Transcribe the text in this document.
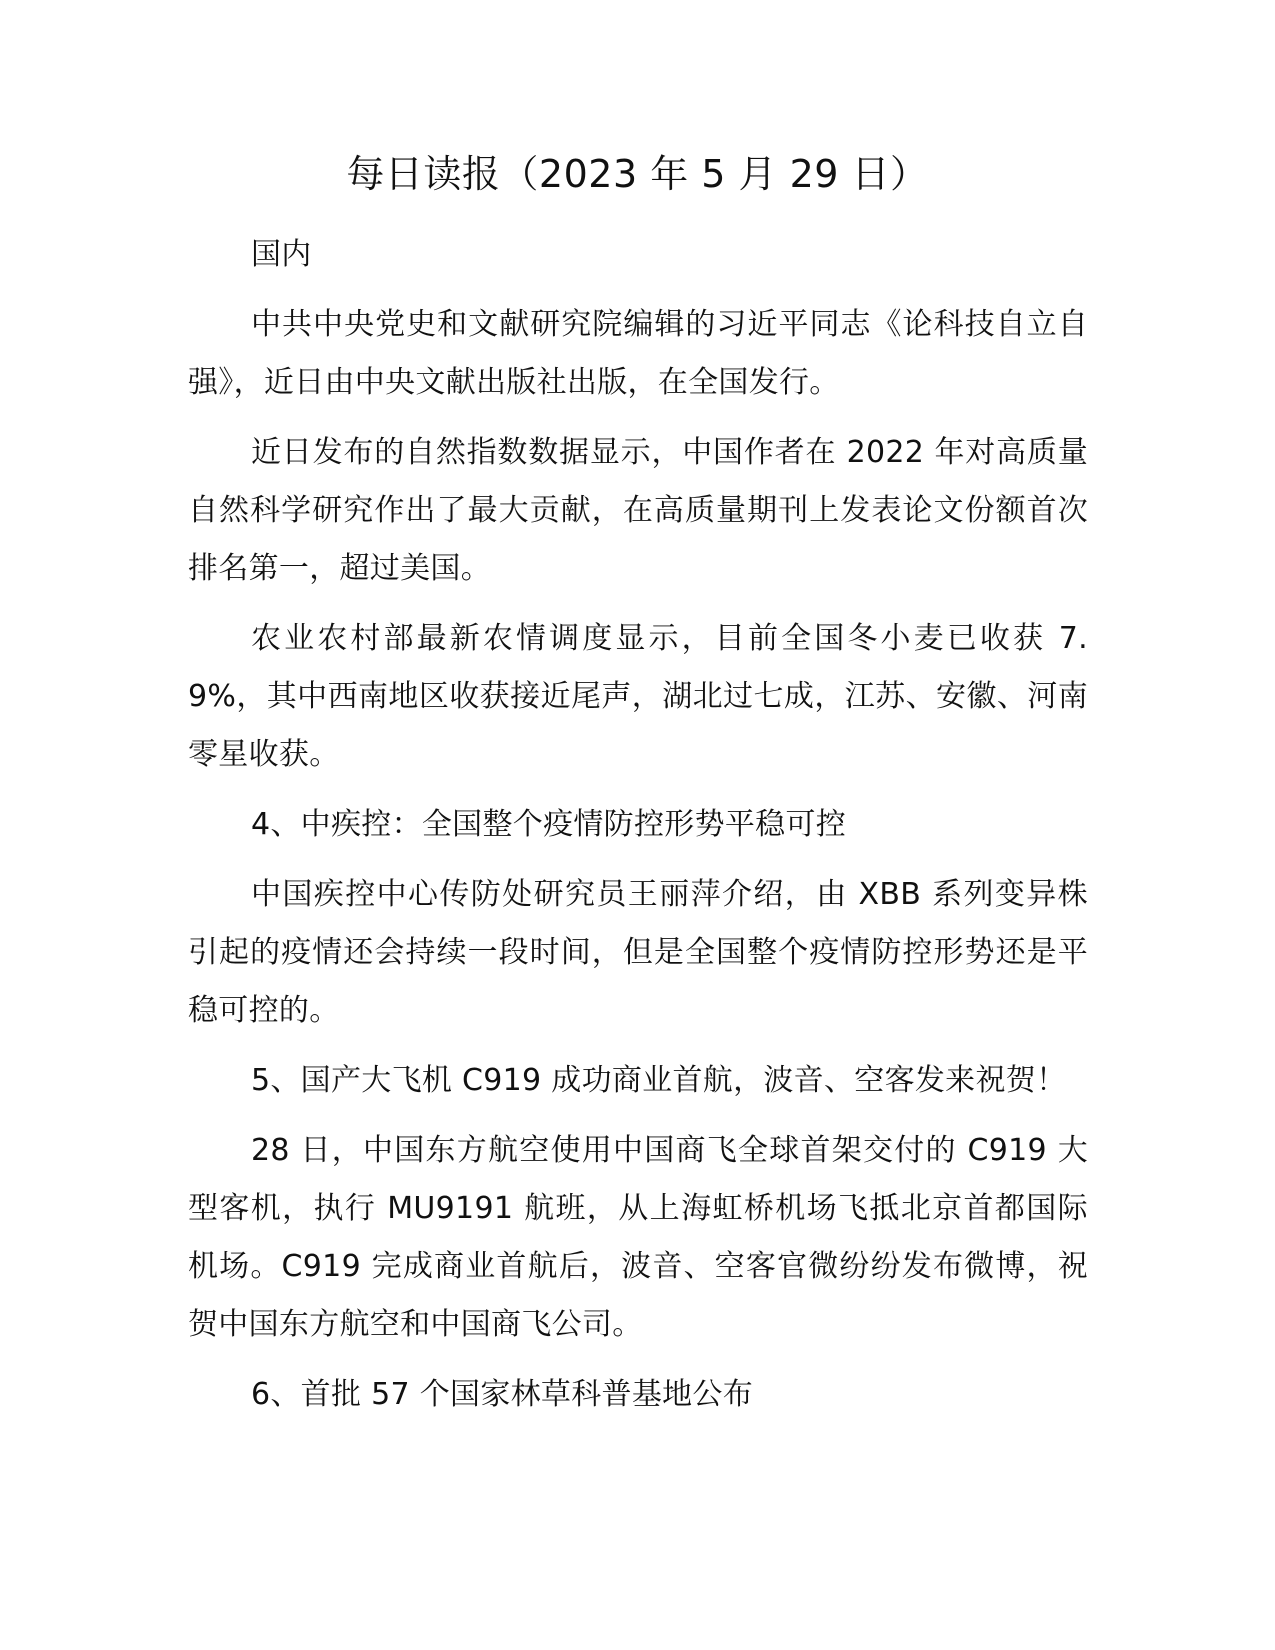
每日读报（2023 年 5 月 29 日）

国内

中共中央党史和文献研究院编辑的习近平同志《论科技自立自强》，近日由中央文献出版社出版，在全国发行。

近日发布的自然指数数据显示，中国作者在 2022 年对高质量自然科学研究作出了最大贡献，在高质量期刊上发表论文份额首次排名第一，超过美国。

农业农村部最新农情调度显示，目前全国冬小麦已收获 7.9%，其中西南地区收获接近尾声，湖北过七成，江苏、安徽、河南零星收获。

4、中疾控：全国整个疫情防控形势平稳可控

中国疾控中心传防处研究员王丽萍介绍，由 XBB 系列变异株引起的疫情还会持续一段时间，但是全国整个疫情防控形势还是平稳可控的。

5、国产大飞机 C919 成功商业首航，波音、空客发来祝贺！

28 日，中国东方航空使用中国商飞全球首架交付的 C919 大型客机，执行 MU9191 航班，从上海虹桥机场飞抵北京首都国际机场。C919 完成商业首航后，波音、空客官微纷纷发布微博，祝贺中国东方航空和中国商飞公司。

6、首批 57 个国家林草科普基地公布
